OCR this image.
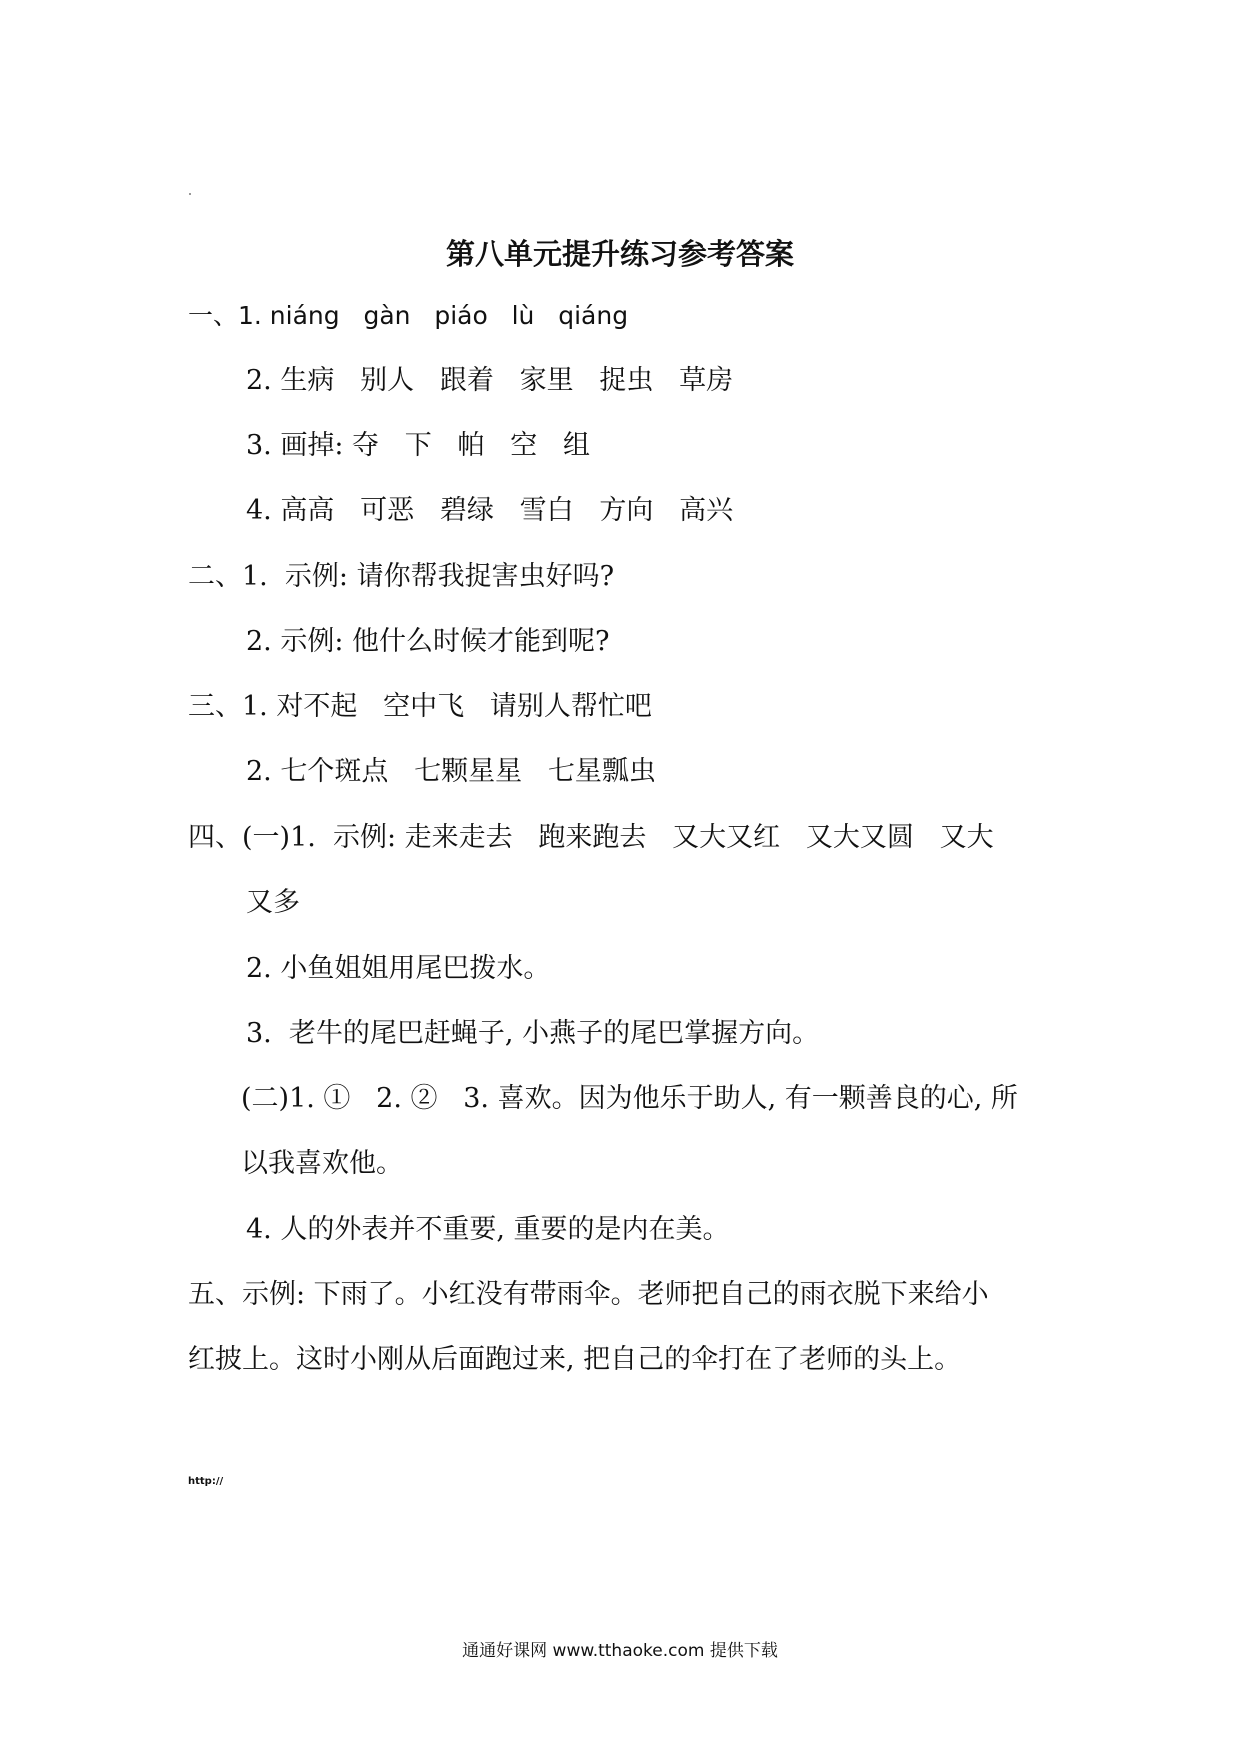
第八单元提升练习参考答案
一、1. niáng   gàn   piáo   lù   qiáng
2. 生病   别人   跟着   家里   捉虫   草房
3. 画掉: 夺   下   帕   空   组
4. 高高   可恶   碧绿   雪白   方向   高兴
二、1.  示例: 请你帮我捉害虫好吗?
2. 示例: 他什么时候才能到呢?
三、1. 对不起   空中飞   请别人帮忙吧
2. 七个斑点   七颗星星   七星瓢虫
四、(一)1.  示例: 走来走去   跑来跑去   又大又红   又大又圆   又大
又多
2. 小鱼姐姐用尾巴拨水。
3.  老牛的尾巴赶蝇子, 小燕子的尾巴掌握方向。
(二)1. ①   2. ②   3. 喜欢。因为他乐于助人, 有一颗善良的心, 所
以我喜欢他。
4. 人的外表并不重要, 重要的是内在美。
五、示例: 下雨了。小红没有带雨伞。老师把自己的雨衣脱下来给小
红披上。这时小刚从后面跑过来, 把自己的伞打在了老师的头上。
http://
通通好课网 www.tthaoke.com 提供下载
